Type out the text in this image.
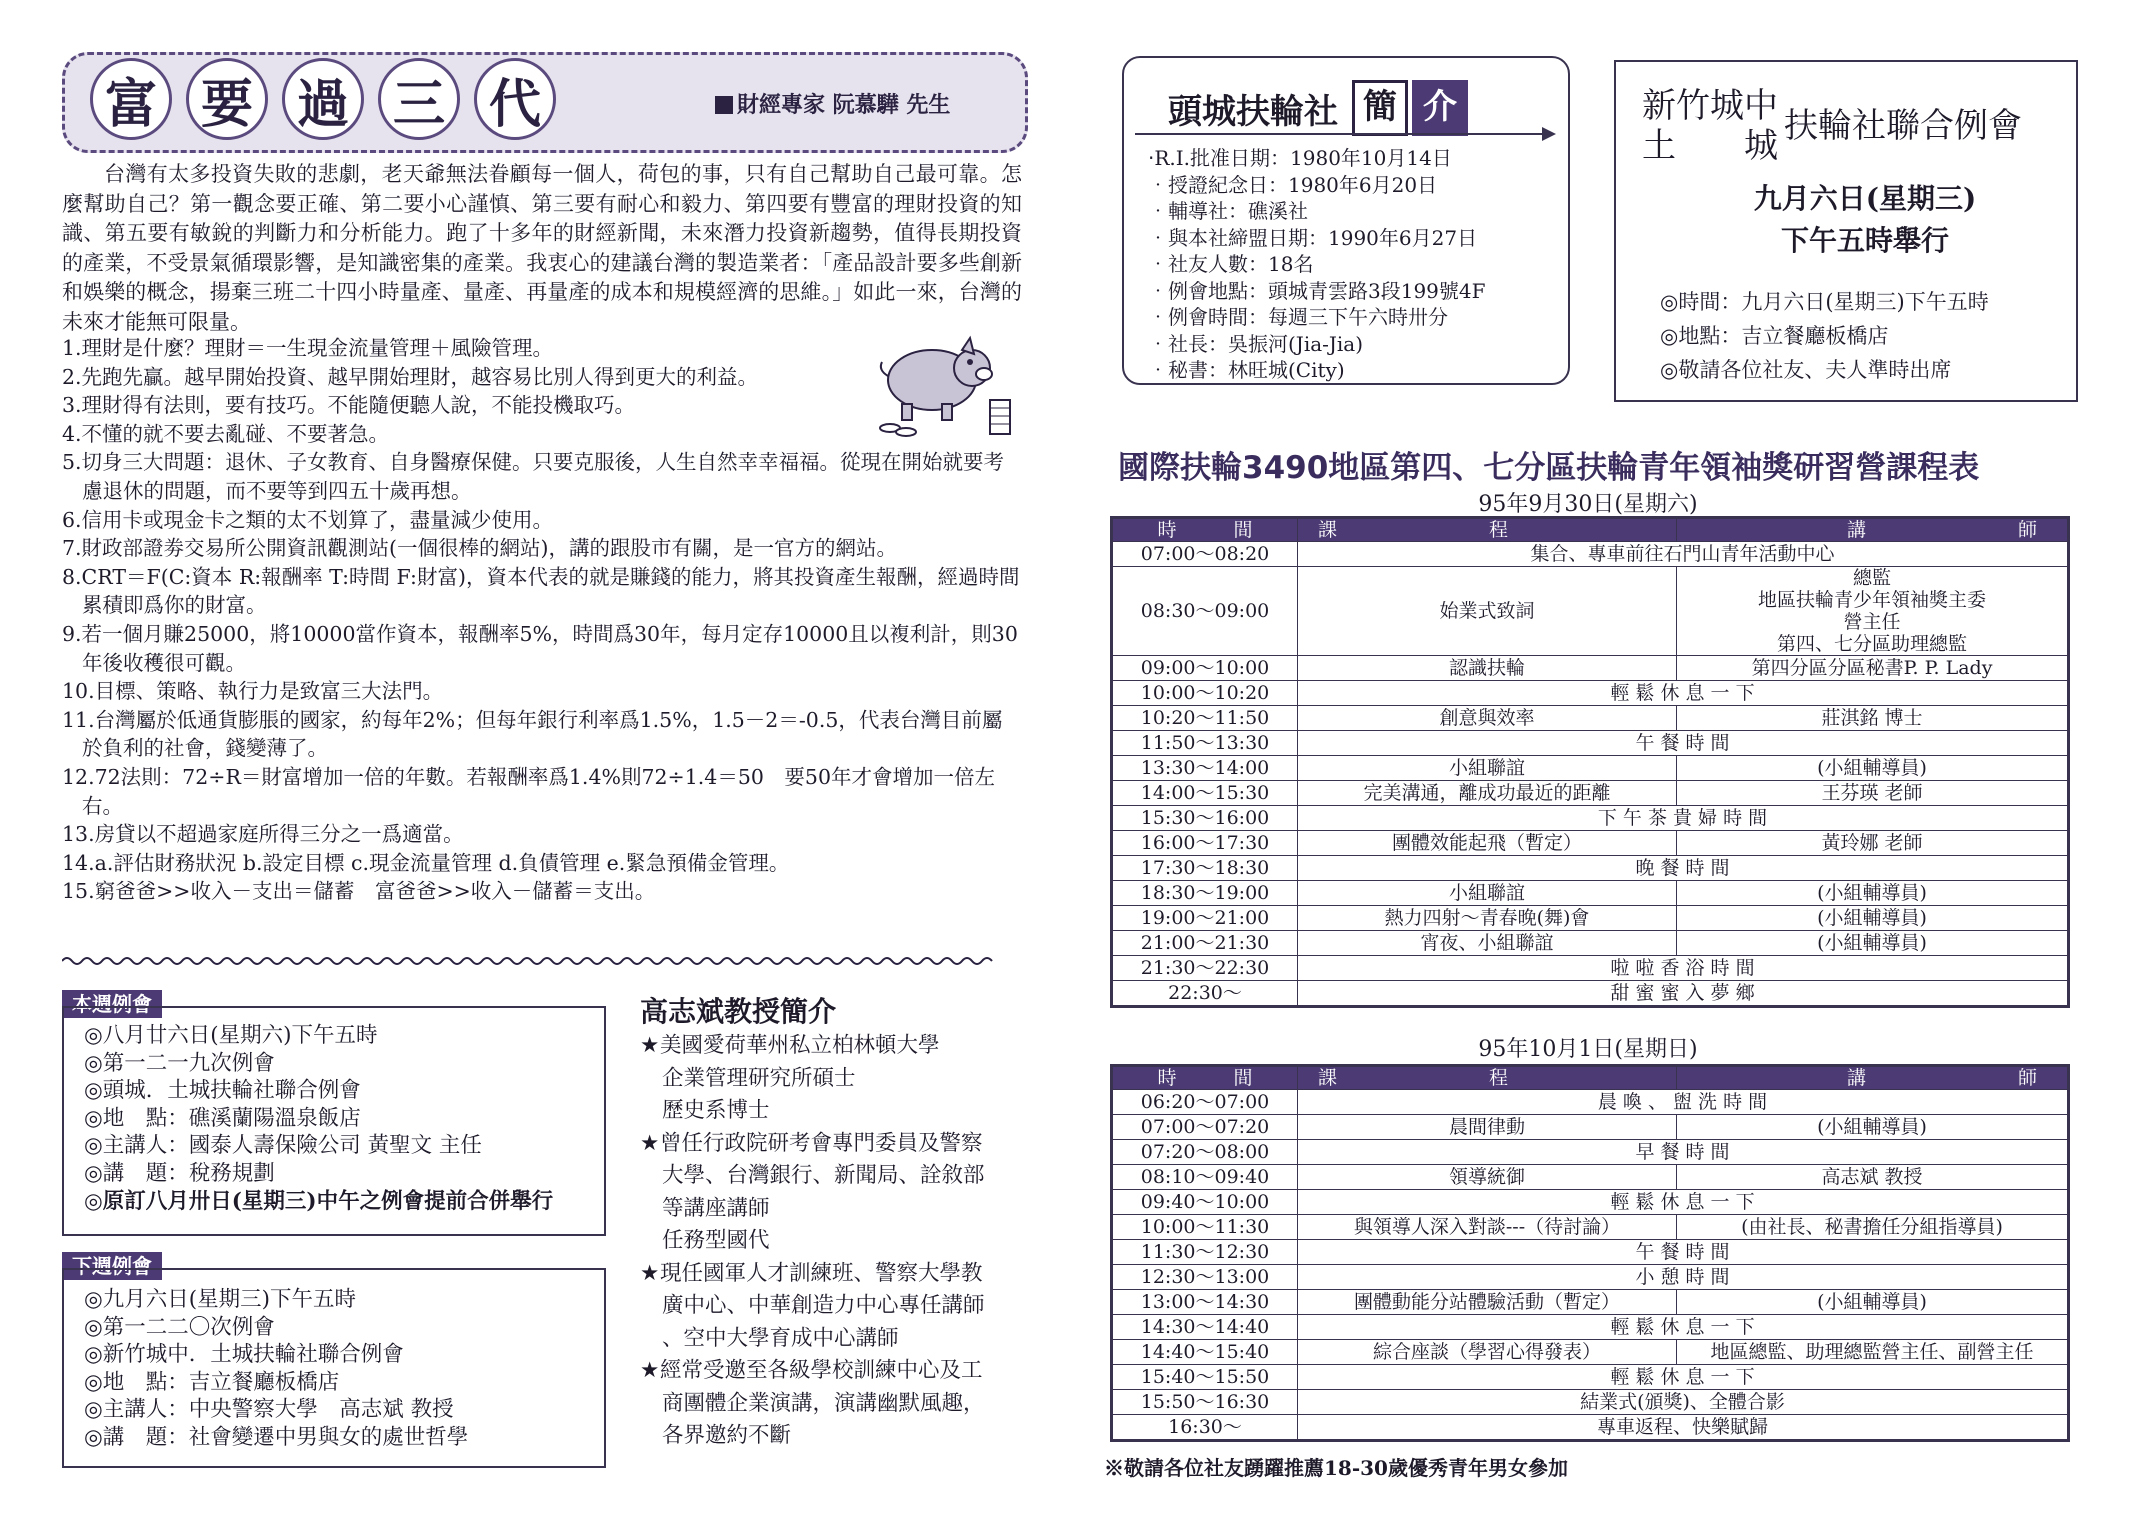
富 要 過 三 代	財經專家 阮慕驊 先生

台灣有太多投資失敗的悲劇，老天爺無法眷顧每一個人，荷包的事，只有自己幫助自己最可靠。怎麼幫助自己？第一觀念要正確、第二要小心謹慎、第三要有耐心和毅力、第四要有豐富的理財投資的知識、第五要有敏銳的判斷力和分析能力。跑了十多年的財經新聞，未來潛力投資新趨勢，值得長期投資的產業，不受景氣循環影響，是知識密集的產業。我衷心的建議台灣的製造業者：「產品設計要多些創新和娛樂的概念，揚棄三班二十四小時量產、量產、再量產的成本和規模經濟的思維。」如此一來，台灣的未來才能無可限量。

1.理財是什麼？理財＝一生現金流量管理＋風險管理。

2.先跑先贏。越早開始投資、越早開始理財，越容易比別人得到更大的利益。

3.理財得有法則，要有技巧。不能隨便聽人說，不能投機取巧。

4.不懂的就不要去亂碰、不要著急。

5.切身三大問題：退休、子女教育、自身醫療保健。只要克服後，人生自然幸幸福福。從現在開始就要考慮退休的問題，而不要等到四五十歲再想。

6.信用卡或現金卡之類的太不划算了，盡量減少使用。

7.財政部證劵交易所公開資訊觀測站(一個很棒的網站)，講的跟股市有關，是一官方的網站。

8.CRT＝F(C:資本 R:報酬率 T:時間 F:財富)，資本代表的就是賺錢的能力，將其投資產生報酬，經過時間累積即爲你的財富。

9.若一個月賺25000，將10000當作資本，報酬率5%，時間爲30年，每月定存10000且以複利計，則30年後收穫很可觀。

10.目標、策略、執行力是致富三大法門。

11.台灣屬於低通貨膨脹的國家，約每年2%；但每年銀行利率爲1.5%，1.5－2＝-0.5，代表台灣目前屬於負利的社會，錢變薄了。

12.72法則：72÷R＝財富增加一倍的年數。若報酬率爲1.4%則72÷1.4＝50　要50年才會增加一倍左右。

13.房貸以不超過家庭所得三分之一爲適當。

14.a.評估財務狀況 b.設定目標 c.現金流量管理 d.負債管理 e.緊急預備金管理。

15.窮爸爸>>收入－支出＝儲蓄　富爸爸>>收入－儲蓄＝支出。

本週例會
◎八月廿六日(星期六)下午五時
◎第一二一九次例會
◎頭城．土城扶輪社聯合例會
◎地　點：礁溪蘭陽溫泉飯店
◎主講人：國泰人壽保險公司 黃聖文 主任
◎講　題：稅務規劃
◎原訂八月卅日(星期三)中午之例會提前合併舉行
下週例會
◎九月六日(星期三)下午五時
◎第一二二〇次例會
◎新竹城中．土城扶輪社聯合例會
◎地　點：吉立餐廳板橋店
◎主講人：中央警察大學　高志斌 教授
◎講　題：社會變遷中男與女的處世哲學
高志斌教授簡介
★美國愛荷華州私立柏林頓大學
企業管理研究所碩士
歷史系博士
★曾任行政院研考會專門委員及警察
大學、台灣銀行、新聞局、詮敘部
等講座講師
任務型國代
★現任國軍人才訓練班、警察大學教
廣中心、中華創造力中心專任講師
、空中大學育成中心講師
★經常受邀至各級學校訓練中心及工
商團體企業演講，演講幽默風趣，
各界邀約不斷
頭城扶輪社 簡 介
‧R.I.批准日期：1980年10月14日
‧授證紀念日：1980年6月20日
‧輔導社：礁溪社
‧與本社締盟日期：1990年6月27日
‧社友人數：18名
‧例會地點：頭城青雲路3段199號4F
‧例會時間：每週三下午六時卅分
‧社長：吳振河(Jia-Jia)
‧秘書：林旺城(City)
新竹城中
土　　城 扶輪社聯合例會
九月六日(星期三)
下午五時舉行
◎時間：九月六日(星期三)下午五時
◎地點：吉立餐廳板橋店
◎敬請各位社友、夫人準時出席
國際扶輪3490地區第四、七分區扶輪青年領袖獎研習營課程表
95年9月30日(星期六)
時　　　間	課　　　　　　　　程	講　　　　　　　　師
07:00～08:20	集合、專車前往石門山青年活動中心	
08:30～09:00	始業式致詞	總監
地區扶輪青少年領袖獎主委
營主任
第四、七分區助理總監
09:00～10:00	認識扶輪	第四分區分區秘書P. P. Lady
10:00～10:20	輕 鬆 休 息 一 下	
10:20～11:50	創意與效率	莊淇銘 博士
11:50～13:30	午 餐 時 間	
13:30～14:00	小組聯誼	(小組輔導員)
14:00～15:30	完美溝通，離成功最近的距離	王芬瑛 老師
15:30～16:00	下 午 茶 貴 婦 時 間	
16:00～17:30	團體效能起飛（暫定）	黃玲娜 老師
17:30～18:30	晚 餐 時 間	
18:30～19:00	小組聯誼	(小組輔導員)
19:00～21:00	熱力四射～青春晚(舞)會	(小組輔導員)
21:00～21:30	宵夜、小組聯誼	(小組輔導員)
21:30～22:30	啦 啦 香 浴 時 間	
22:30～	甜 蜜 蜜 入 夢 鄉	
95年10月1日(星期日)
時　　　間	課　　　　　　　　程	講　　　　　　　　師
06:20～07:00	晨 喚 、 盥 洗 時 間	
07:00～07:20	晨間律動	(小組輔導員)
07:20～08:00	早 餐 時 間	
08:10～09:40	領導統御	高志斌 教授
09:40～10:00	輕 鬆 休 息 一 下	
10:00～11:30	與領導人深入對談---（待討論）	(由社長、秘書擔任分組指導員)
11:30～12:30	午 餐 時 間	
12:30～13:00	小 憩 時 間	
13:00～14:30	團體動能分站體驗活動（暫定）	(小組輔導員)
14:30～14:40	輕 鬆 休 息 一 下	
14:40～15:40	綜合座談（學習心得發表）	地區總監、助理總監營主任、副營主任
15:40～15:50	輕 鬆 休 息 一 下	
15:50～16:30	結業式(頒獎)、全體合影	
16:30～	專車返程、快樂賦歸	
※敬請各位社友踴躍推薦18-30歲優秀青年男女參加
